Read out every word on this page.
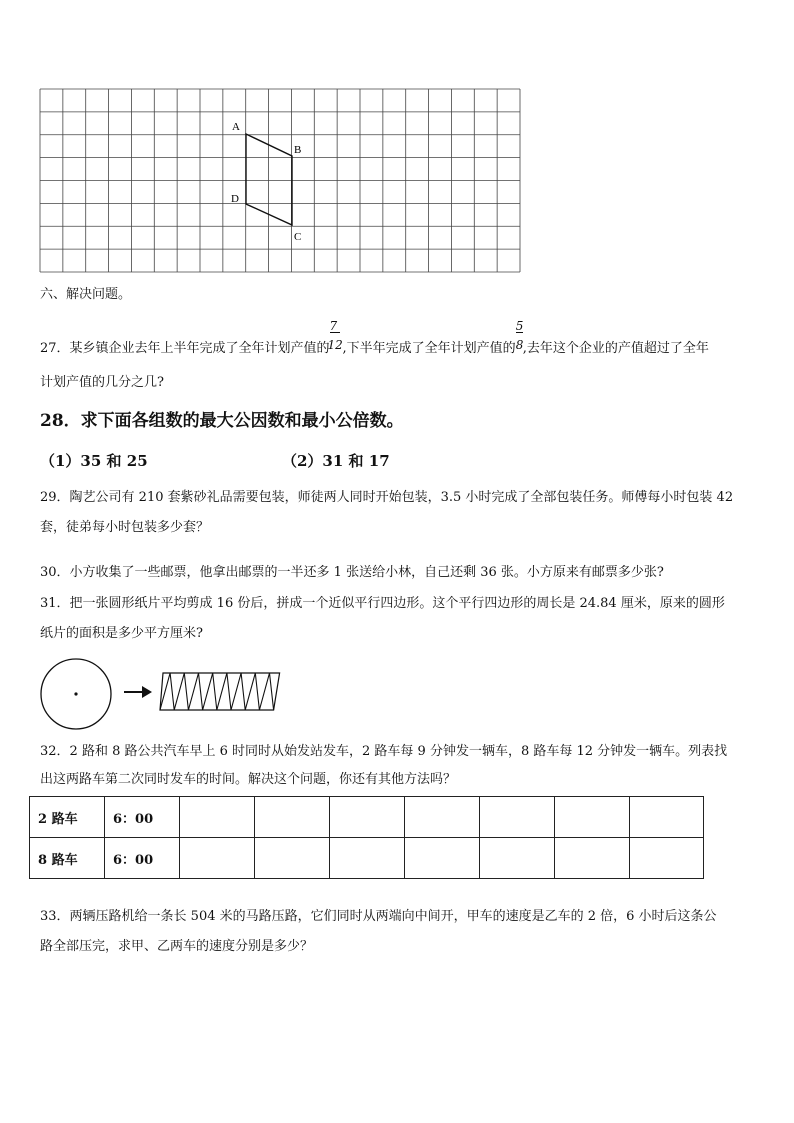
A
B
C
D
六、解决问题。
27．某乡镇企业去年上半年完成了全年计划产值的 $\frac{7}{12}$ ,下半年完成了全年计划产值的 $\frac{5}{8}$ ,去年这个企业的产值超过了全年
计划产值的几分之几?
28．求下面各组数的最大公因数和最小公倍数。
（1）35 和 25	（2）31 和 17
29．陶艺公司有 210 套紫砂礼品需要包装，师徒两人同时开始包装，3.5 小时完成了全部包装任务。师傅每小时包装 42
套，徒弟每小时包装多少套？
30．小方收集了一些邮票，他拿出邮票的一半还多 1 张送给小林，自己还剩 36 张。小方原来有邮票多少张?
31．把一张圆形纸片平均剪成 16 份后，拼成一个近似平行四边形。这个平行四边形的周长是 24.84 厘米，原来的圆形
纸片的面积是多少平方厘米?
32．2 路和 8 路公共汽车早上 6 时同时从始发站发车，2 路车每 9 分钟发一辆车，8 路车每 12 分钟发一辆车。列表找
出这两路车第二次同时发车的时间。解决这个问题，你还有其他方法吗？
2 路车	6：00							
8 路车	6：00							
33．两辆压路机给一条长 504 米的马路压路，它们同时从两端向中间开，甲车的速度是乙车的 2 倍，6 小时后这条公
路全部压完，求甲、乙两车的速度分别是多少？
